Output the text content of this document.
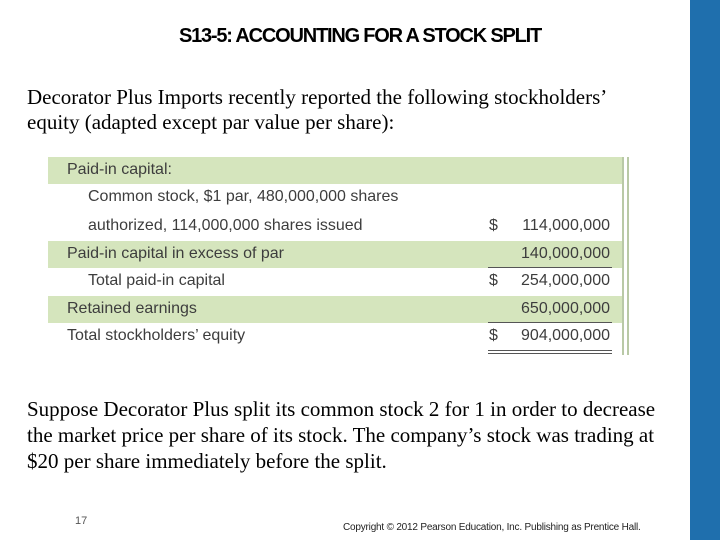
S13-5: ACCOUNTING FOR A STOCK SPLIT

Decorator Plus Imports recently reported the following stockholders’ equity (adapted except par value per share):

Paid-in capital:
Common stock, $1 par, 480,000,000 shares
authorized, 114,000,000 shares issued	$ 114,000,000
Paid-in capital in excess of par	140,000,000
Total paid-in capital	$ 254,000,000
Retained earnings	650,000,000
Total stockholders’ equity	$ 904,000,000
Suppose Decorator Plus split its common stock 2 for 1 in order to decrease the market price per share of its stock. The company’s stock was trading at $20 per share immediately before the split.
17
Copyright © 2012 Pearson Education, Inc. Publishing as Prentice Hall.
